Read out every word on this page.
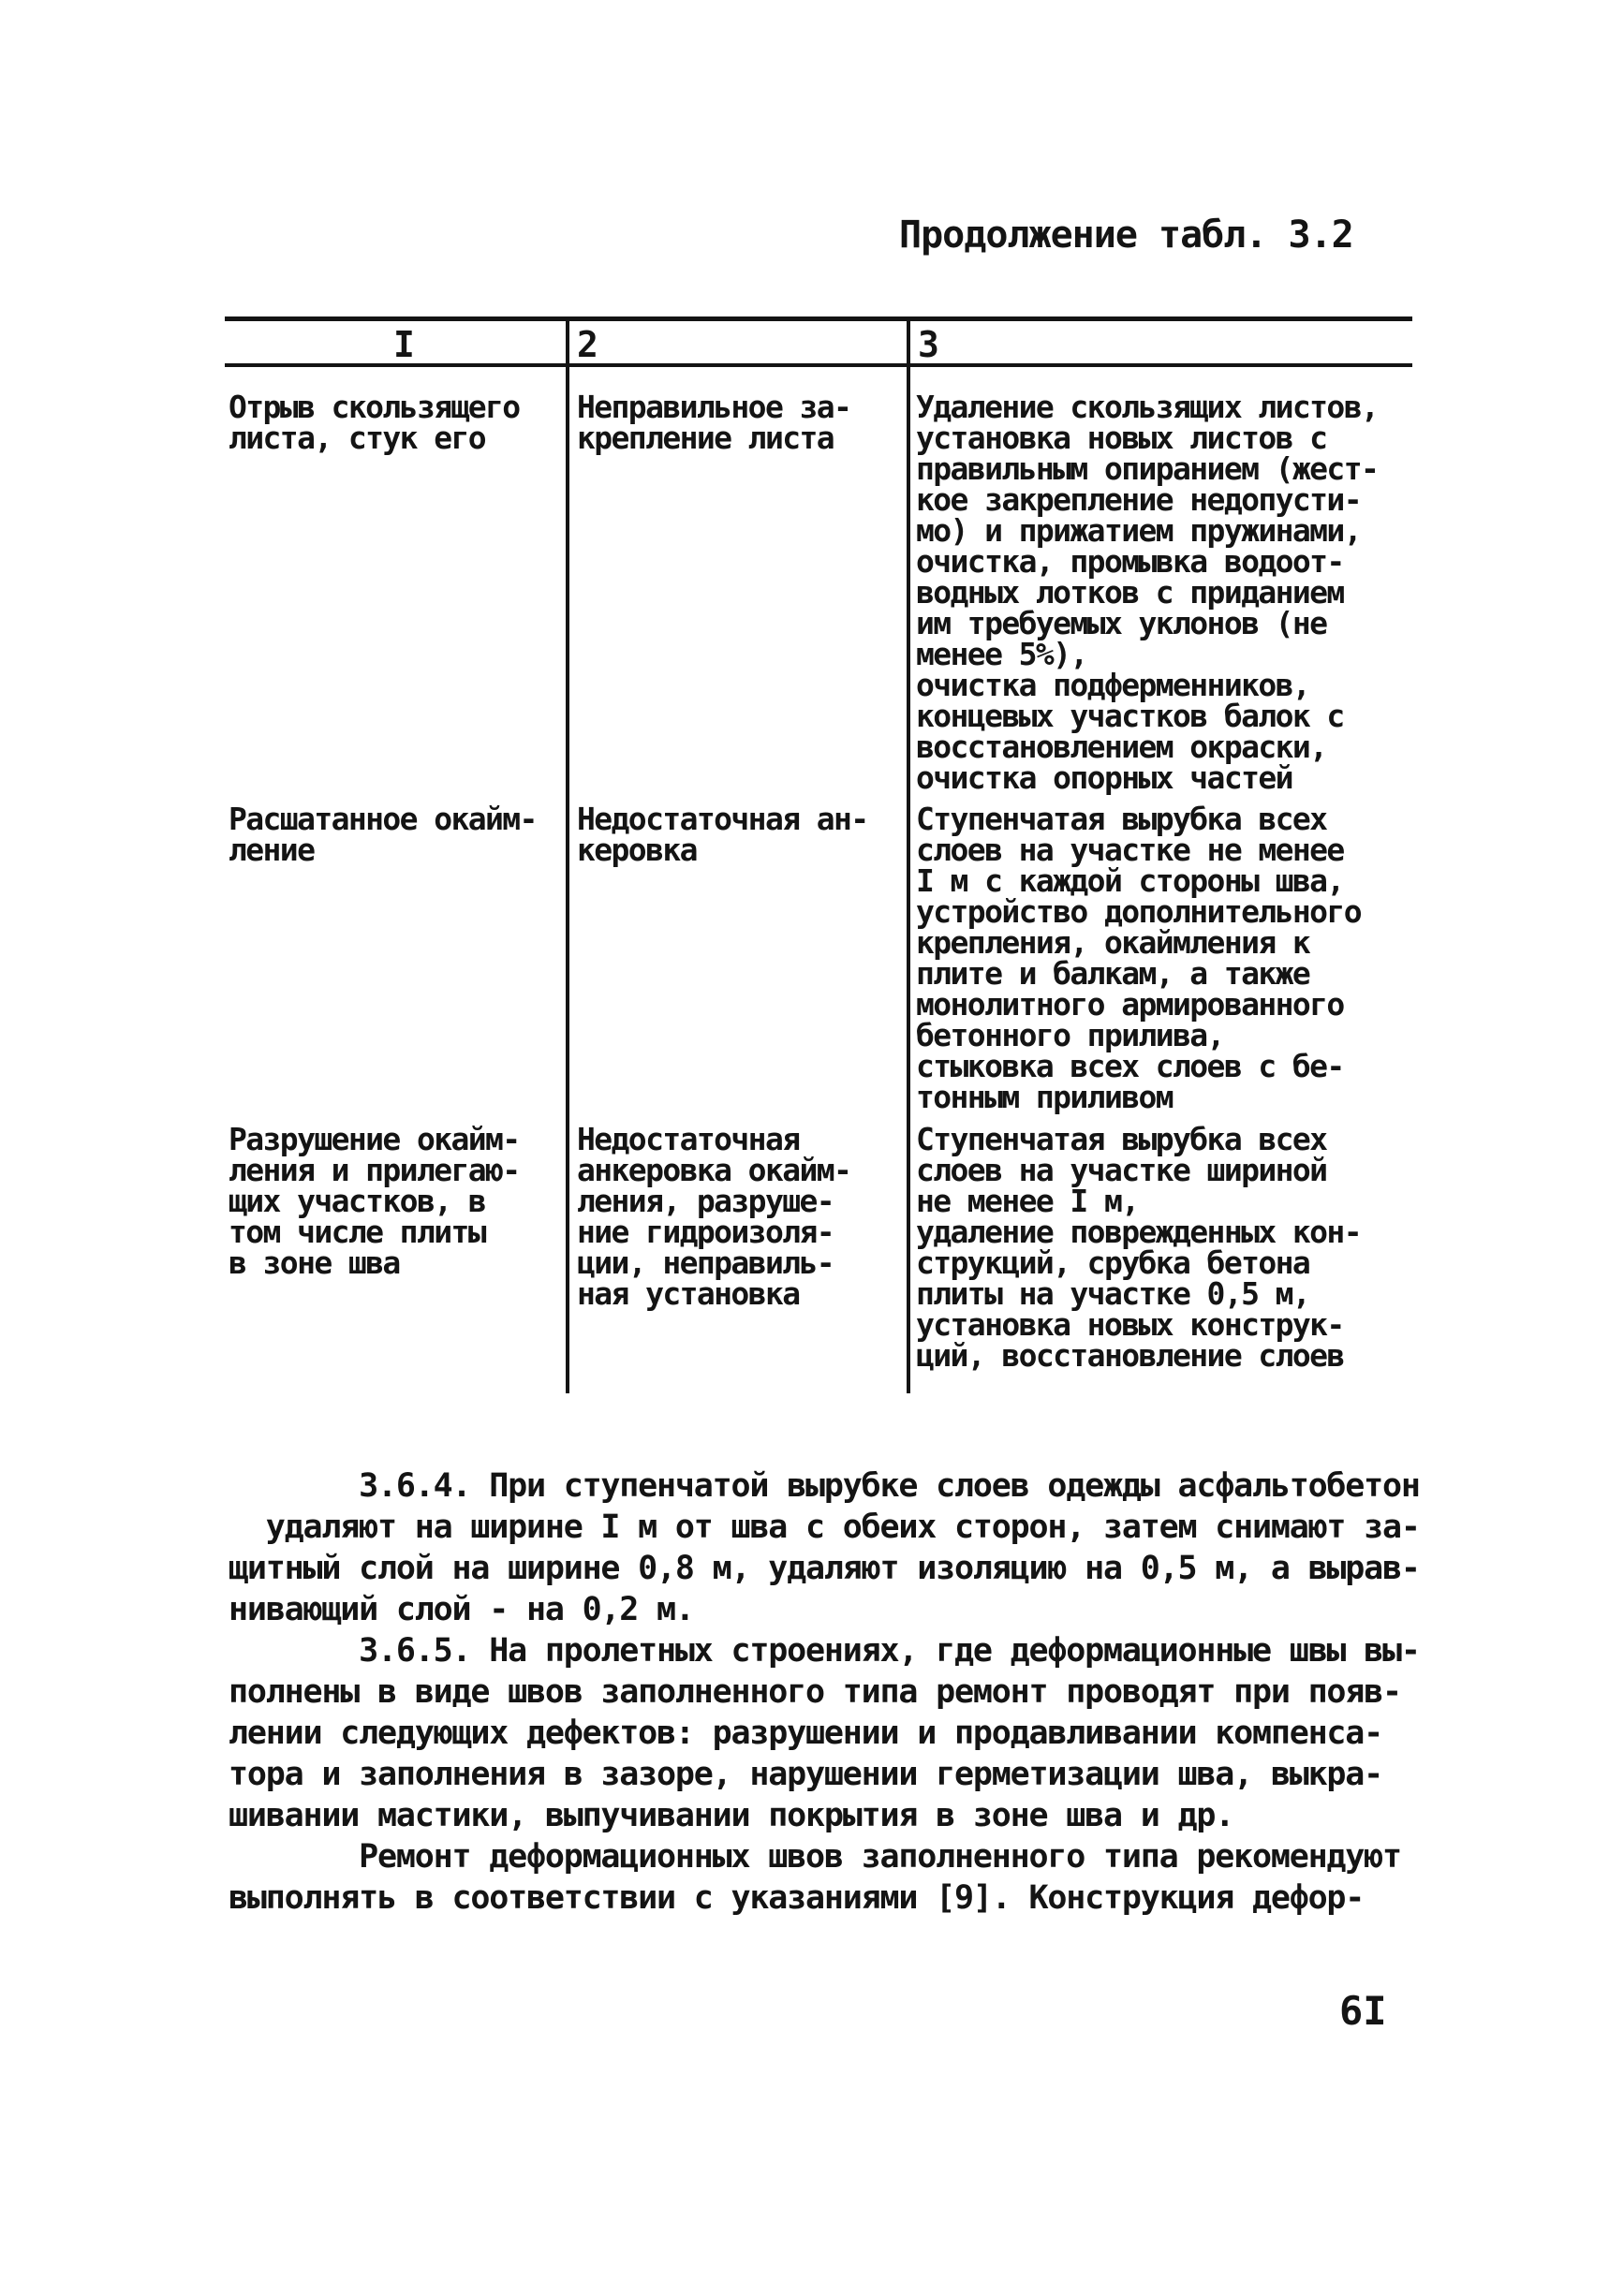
Продолжение табл. 3.2
I	2	3
Отрыв скользящего
листа, стук его
Неправильное за-
крепление листа
Удаление скользящих листов,
установка новых листов с
правильным опиранием (жест-
кое закрепление недопусти-
мо) и прижатием пружинами,
очистка, промывка водоот-
водных лотков с приданием
им требуемых уклонов (не
менее 5%),
очистка подферменников,
концевых участков балок с
восстановлением окраски,
очистка опорных частей
Расшатанное окайм-
ление
Недостаточная ан-
керовка
Ступенчатая вырубка всех
слоев на участке не менее
I м с каждой стороны шва,
устройство дополнительного
крепления, окаймления к
плите и балкам, а также
монолитного армированного
бетонного прилива,
стыковка всех слоев с бе-
тонным приливом
Разрушение окайм-
ления и прилегаю-
щих участков, в
том числе плиты
в зоне шва
Недостаточная
анкеровка окайм-
ления, разруше-
ние гидроизоля-
ции, неправиль-
ная установка
Ступенчатая вырубка всех
слоев на участке шириной
не менее I м,
удаление поврежденных кон-
струкций, срубка бетона
плиты на участке 0,5 м,
установка новых конструк-
ций, восстановление слоев
3.6.4. При ступенчатой вырубке слоев одежды асфальтобетон
удаляют на ширине I м от шва с обеих сторон, затем снимают за-
щитный слой на ширине 0,8 м, удаляют изоляцию на 0,5 м, а вырав-
нивающий слой - на 0,2 м.
3.6.5. На пролетных строениях, где деформационные швы вы-
полнены в виде швов заполненного типа ремонт проводят при появ-
лении следующих дефектов: разрушении и продавливании компенса-
тора и заполнения в зазоре, нарушении герметизации шва, выкра-
шивании мастики, выпучивании покрытия в зоне шва и др.
Ремонт деформационных швов заполненного типа рекомендуют
выполнять в соответствии с указаниями [9]. Конструкция дефор-
6I
